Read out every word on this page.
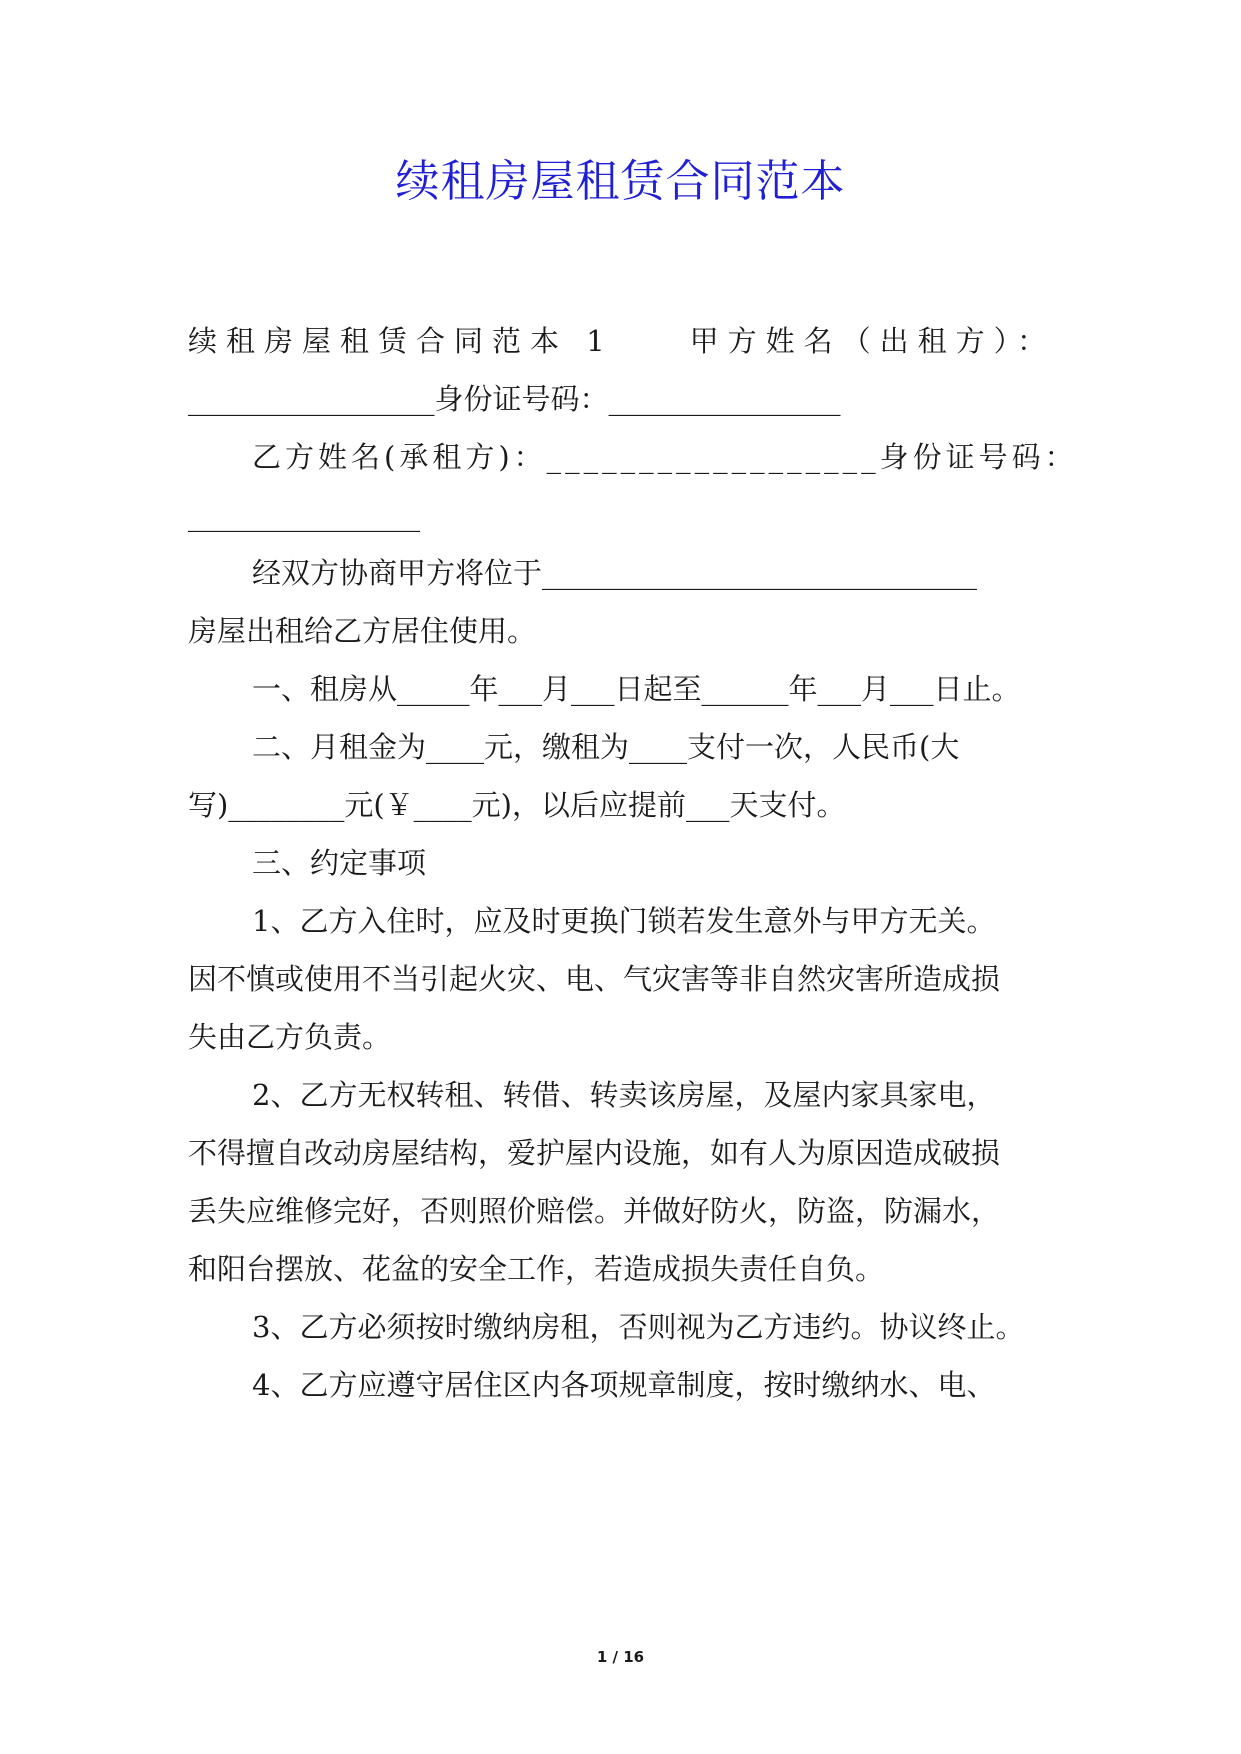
续租房屋租赁合同范本

续租房屋租赁合同范本 1　　甲方姓名（出租方）：

_________________身份证号码：________________

乙方姓名(承租方)：__________________身份证号码：

________________

经双方协商甲方将位于______________________________

房屋出租给乙方居住使用。

一、租房从_____年___月___日起至______年___月___日止。

二、月租金为____元，缴租为____支付一次，人民币(大

写)________元(￥____元)，以后应提前___天支付。

三、约定事项

1、乙方入住时，应及时更换门锁若发生意外与甲方无关。

因不慎或使用不当引起火灾、电、气灾害等非自然灾害所造成损

失由乙方负责。

2、乙方无权转租、转借、转卖该房屋，及屋内家具家电，

不得擅自改动房屋结构，爱护屋内设施，如有人为原因造成破损

丢失应维修完好，否则照价赔偿。并做好防火，防盗，防漏水，

和阳台摆放、花盆的安全工作，若造成损失责任自负。

3、乙方必须按时缴纳房租，否则视为乙方违约。协议终止。

4、乙方应遵守居住区内各项规章制度，按时缴纳水、电、

1 / 16
